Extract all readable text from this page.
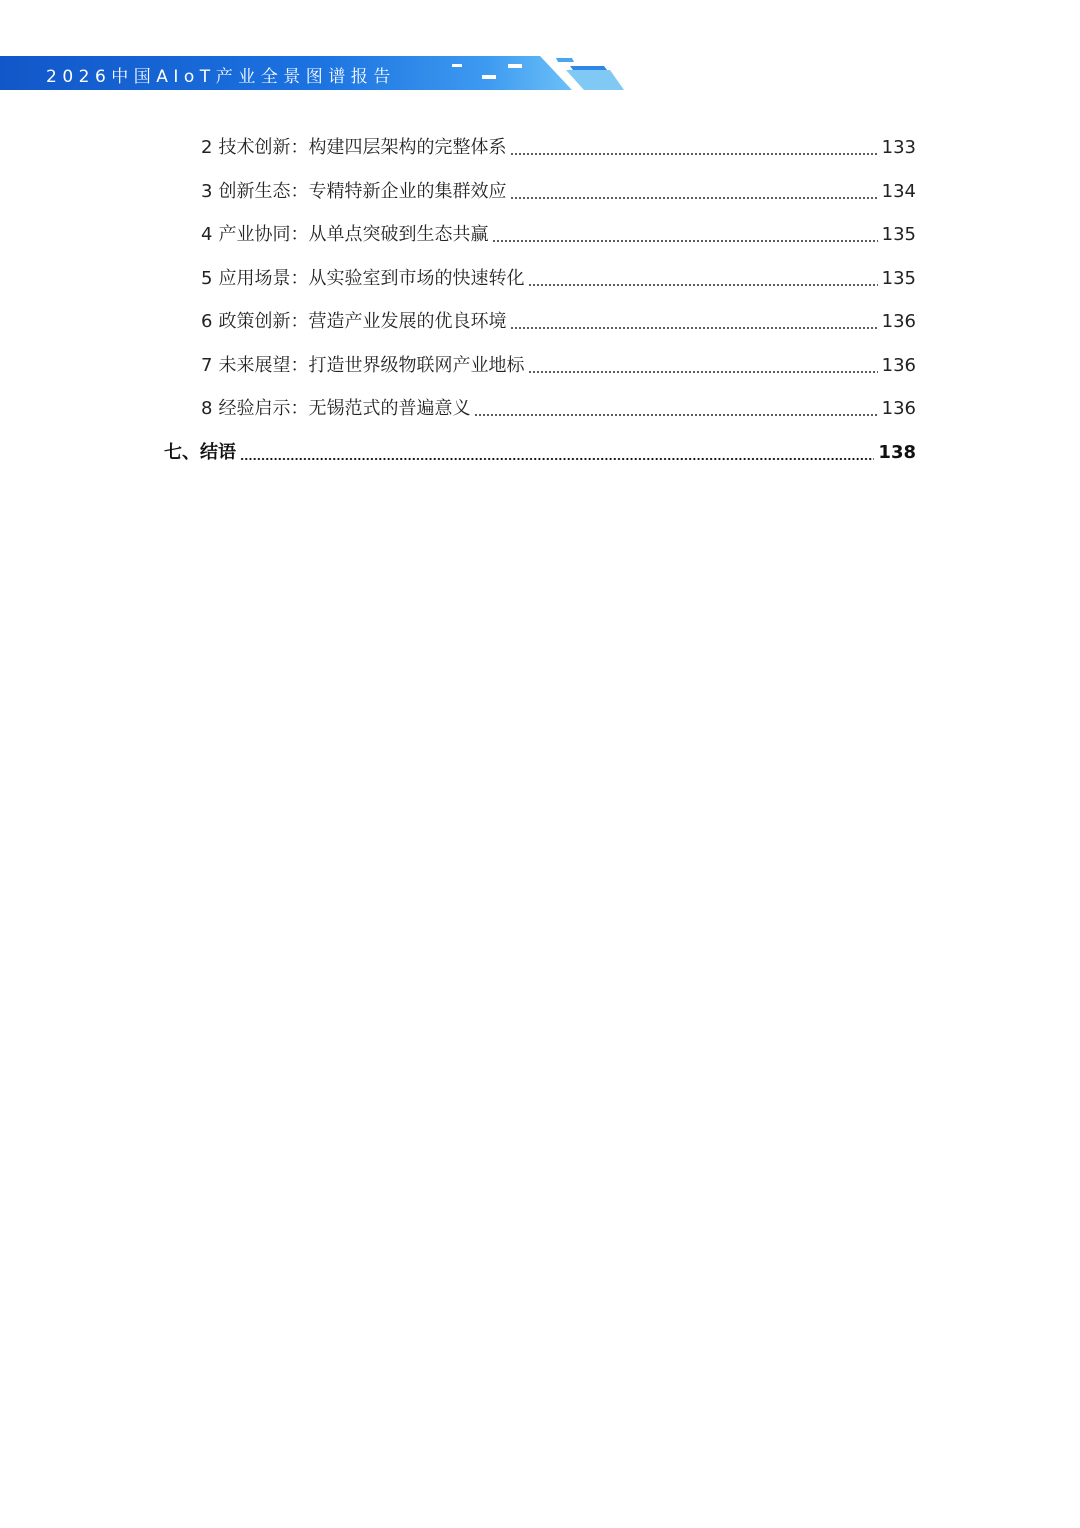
2026中国AIoT产业全景图谱报告
2 技术创新：构建四层架构的完整体系	133
3 创新生态：专精特新企业的集群效应	134
4 产业协同：从单点突破到生态共赢	135
5 应用场景：从实验室到市场的快速转化	135
6 政策创新：营造产业发展的优良环境	136
7 未来展望：打造世界级物联网产业地标	136
8 经验启示：无锡范式的普遍意义	136
七、结语	138
